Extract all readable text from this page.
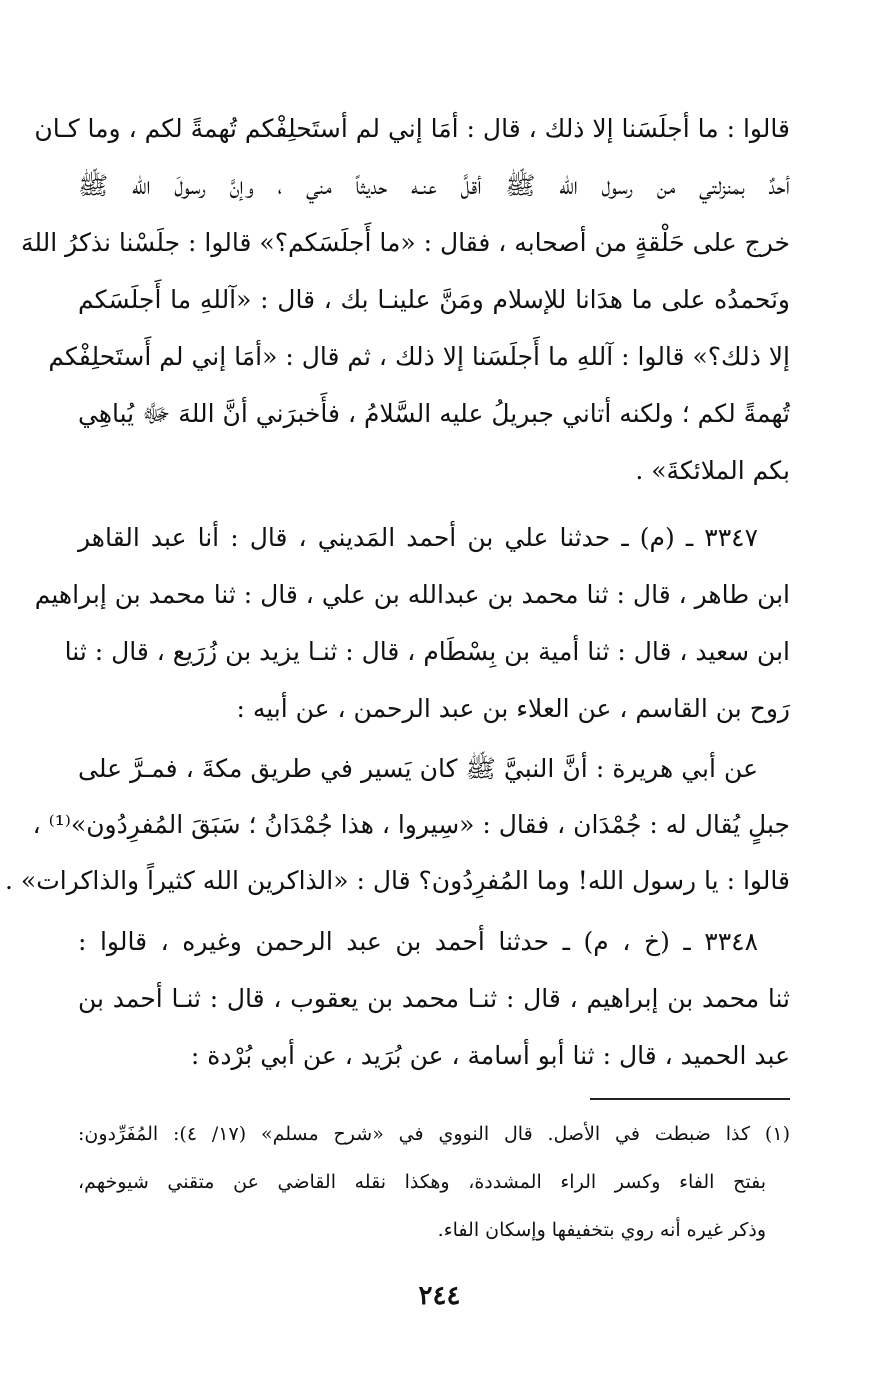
قالوا : ما أجلَسَنا إلا ذلك ، قال : أمَا إني لم أستَحلِفْكم تُهمةً لكم ، وما كـان
أحدٌ بمنزلتي من رسول الله ﷺ أقلَّ عنـه حديثاً مني ، وإنَّ رسولَ الله ﷺ
خرج على حَلْقةٍ من أصحابه ، فقال : «ما أَجلَسَكم؟» قالوا : جلَسْنا نذكرُ اللهَ
ونَحمدُه على ما هدَانا للإسلام ومَنَّ علينـا بك ، قال : «آللهِ ما أَجلَسَكم
إلا ذلك؟» قالوا : آللهِ ما أَجلَسَنا إلا ذلك ، ثم قال : «أمَا إني لم أَستَحلِفْكم
تُهمةً لكم ؛ ولكنه أتاني جبريلُ عليه السَّلامُ ، فأَخبرَني أنَّ اللهَ ﷻ يُباهِي
بكم الملائكةَ» .
٣٣٤٧ ـ (م) ـ حدثنا علي بن أحمد المَديني ، قال : أنا عبد القاهر
ابن طاهر ، قال : ثنا محمد بن عبدالله بن علي ، قال : ثنا محمد بن إبراهيم
ابن سعيد ، قال : ثنا أمية بن بِسْطَام ، قال : ثنـا يزيد بن زُرَيع ، قال : ثنا
رَوح بن القاسم ، عن العلاء بن عبد الرحمن ، عن أبيه :
عن أبي هريرة : أنَّ النبيَّ ﷺ كان يَسير في طريق مكةَ ، فمـرَّ على
جبلٍ يُقال له : جُمْدَان ، فقال : «سِيروا ، هذا جُمْدَانُ ؛ سَبَقَ المُفرِدُون»⁽¹⁾ ،
قالوا : يا رسول الله! وما المُفرِدُون؟ قال : «الذاكرين الله كثيراً والذاكرات» .
٣٣٤٨ ـ (خ ، م) ـ حدثنا أحمد بن عبد الرحمن وغيره ، قالوا :
ثنا محمد بن إبراهيم ، قال : ثنـا محمد بن يعقوب ، قال : ثنـا أحمد بن
عبد الحميد ، قال : ثنا أبو أسامة ، عن بُرَيد ، عن أبي بُرْدة :
(١) كذا ضبطت في الأصل. قال النووي في «شرح مسلم» (١٧/ ٤): المُفَرِّدون:
بفتح الفاء وكسر الراء المشددة، وهكذا نقله القاضي عن متقني شيوخهم،
وذكر غيره أنه روي بتخفيفها وإسكان الفاء.
٢٤٤
